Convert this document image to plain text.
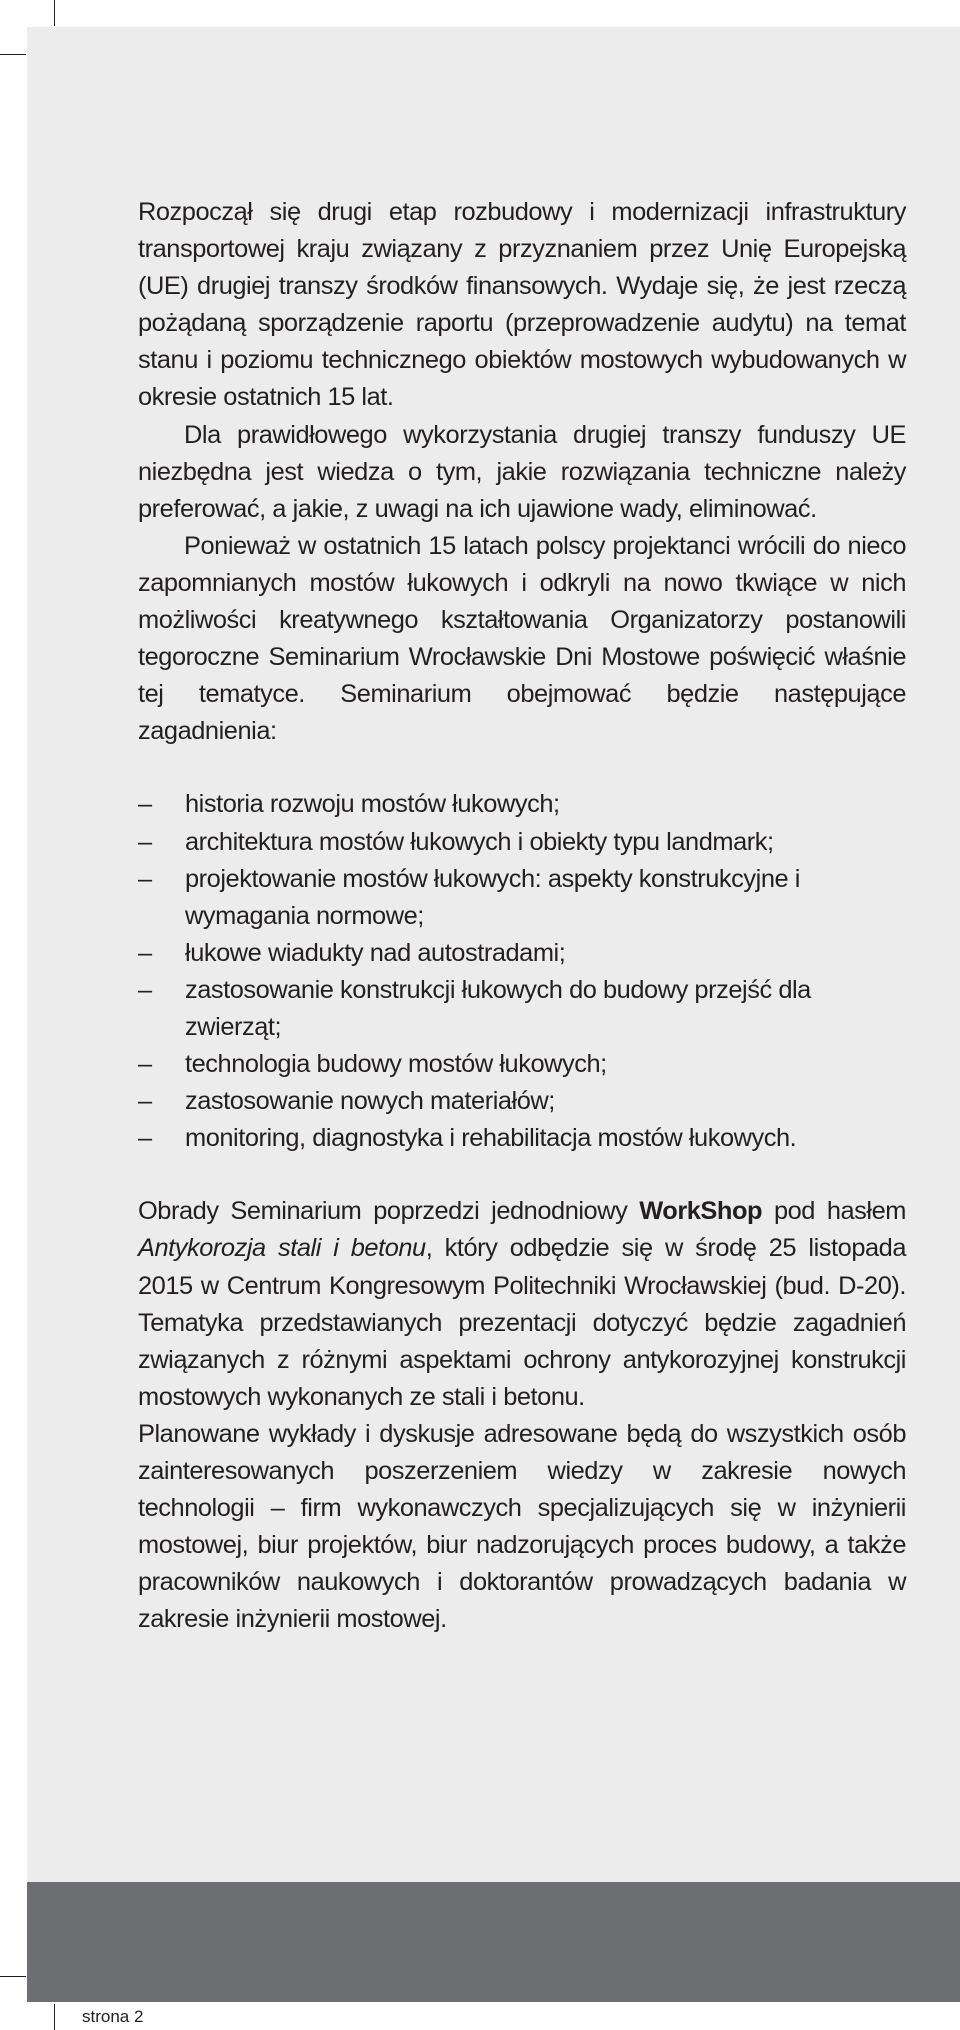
Rozpoczął się drugi etap rozbudowy i modernizacji infrastruktury transportowej kraju związany z przyznaniem przez Unię Europejską (UE) drugiej transzy środków finansowych. Wydaje się, że jest rzeczą pożądaną sporządzenie raportu (przeprowadzenie audytu) na temat stanu i poziomu technicznego obiektów mostowych wybudowanych w okresie ostatnich 15 lat.

Dla prawidłowego wykorzystania drugiej transzy funduszy UE niezbędna jest wiedza o tym, jakie rozwiązania techniczne należy preferować, a jakie, z uwagi na ich ujawione wady, eliminować.

Ponieważ w ostatnich 15 latach polscy projektanci wrócili do nieco zapomnianych mostów łukowych i odkryli na nowo tkwiące w nich możliwości kreatywnego kształtowania Organizatorzy postanowili tegoroczne Seminarium Wrocławskie Dni Mostowe poświęcić właśnie tej tematyce. Seminarium obejmować będzie następujące zagadnienia:

– historia rozwoju mostów łukowych;
– architektura mostów łukowych i obiekty typu landmark;
– projektowanie mostów łukowych: aspekty konstrukcyjne i wymagania normowe;
– łukowe wiadukty nad autostradami;
– zastosowanie konstrukcji łukowych do budowy przejść dla zwierząt;
– technologia budowy mostów łukowych;
– zastosowanie nowych materiałów;
– monitoring, diagnostyka i rehabilitacja mostów łukowych.

Obrady Seminarium poprzedzi jednodniowy WorkShop pod hasłem Antykorozja stali i betonu, który odbędzie się w środę 25 listopada 2015 w Centrum Kongresowym Politechniki Wrocławskiej (bud. D-20). Tematyka przedstawianych prezentacji dotyczyć będzie zagadnień związanych z różnymi aspektami ochrony antykorozyjnej konstrukcji mostowych wykonanych ze stali i betonu.

Planowane wykłady i dyskusje adresowane będą do wszystkich osób zainteresowanych poszerzeniem wiedzy w zakresie nowych technologii – firm wykonawczych specjalizujących się w inżynierii mostowej, biur projektów, biur nadzorujących proces budowy, a także pracowników naukowych i doktorantów prowadzących badania w zakresie inżynierii mostowej.

strona 2
